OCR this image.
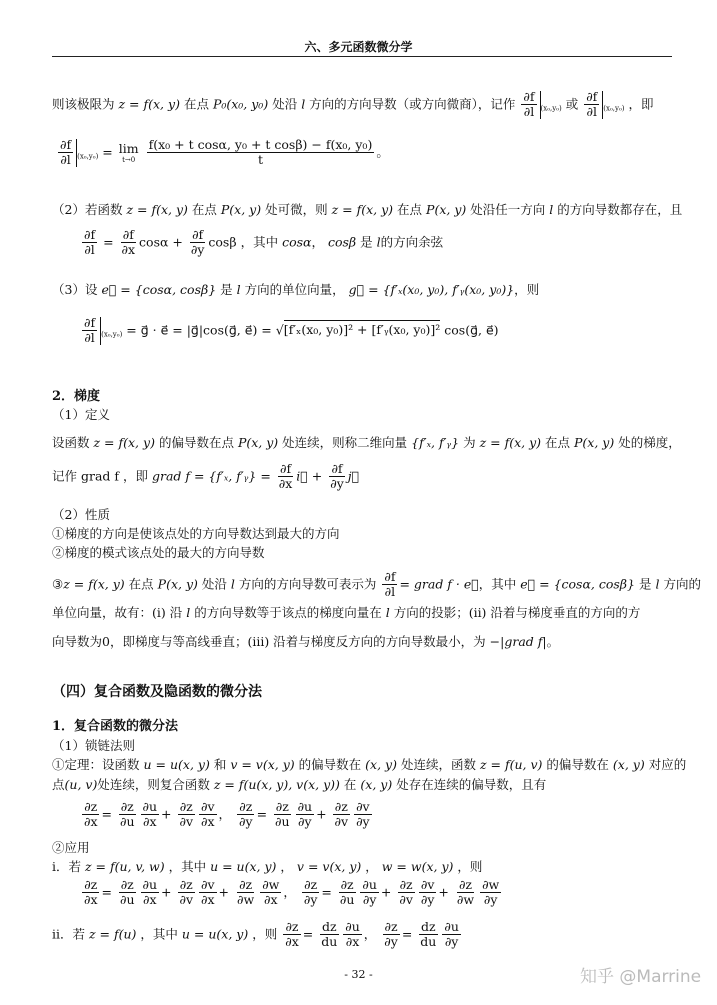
六、多元函数微分学
则该极限为 z = f(x, y) 在点 P₀(x₀, y₀) 处沿 l 方向的方向导数（或方向微商），记作 $\frac{\partial f}{\partial l} _{(x_0,y_0)}$ 或 $\frac{\partial f}{\partial l} _{(x_0,y_0)}$ ，即
$\frac{\partial f}{\partial l} _{(x_0,y_0)} = \lim$
t→0
$\frac{\text{f(x₀ + t cosα, y₀ + t cosβ) − f(x₀, y₀)}}{t}$ 。
（2）若函数 z = f(x, y) 在点 P(x, y) 处可微，则 z = f(x, y) 在点 P(x, y) 处沿任一方向 l 的方向导数都存在，且
$\frac{\partial f}{\partial l} = \frac{\partial f}{\partial x}$ $\cos\alpha + \frac{\partial f}{\partial y}$ cosβ ，其中 cosα， cosβ 是 l的方向余弦
（3）设 e⃗ = {cosα, cosβ} 是 l 方向的单位向量， g⃗ = {f′ₓ(x₀, y₀), f′ᵧ(x₀, y₀)}，则
$\frac{\partial f}{\partial l} _{(x_0,y_0)}$ = g⃗ · e⃗ = |g⃗|cos(g⃗, e⃗) = √[f′ₓ(x₀, y₀)]² + [f′ᵧ(x₀, y₀)]² cos(g⃗, e⃗)
2．梯度
（1）定义
设函数 z = f(x, y) 的偏导数在点 P(x, y) 处连续，则称二维向量 {f′ₓ, f′ᵧ} 为 z = f(x, y) 在点 P(x, y) 处的梯度，
记作 grad f ，即 grad f = {f′ₓ, f′ᵧ} = $\frac{\partial f}{\partial x}$ i⃗ + $\frac{\partial f}{\partial y}$ j⃗
（2）性质
①梯度的方向是使该点处的方向导数达到最大的方向
②梯度的模式该点处的最大的方向导数
③z = f(x, y) 在点 P(x, y) 处沿 l 方向的方向导数可表示为 $\frac{\partial f}{\partial l}$ = grad f · e⃗，其中 e⃗ = {cosα, cosβ} 是 l 方向的
单位向量，故有：(ⅰ) 沿 l 的方向导数等于该点的梯度向量在 l 方向的投影；(ⅱ) 沿着与梯度垂直的方向的方
向导数为0，即梯度与等高线垂直；(ⅲ) 沿着与梯度反方向的方向导数最小，为 −|grad f|。
（四）复合函数及隐函数的微分法
1．复合函数的微分法
（1）锁链法则
①定理：设函数 u = u(x, y) 和 v = v(x, y) 的偏导数在 (x, y) 处连续，函数 z = f(u, v) 的偏导数在 (x, y) 对应的
点(u, v)处连续，则复合函数 z = f(u(x, y), v(x, y)) 在 (x, y) 处存在连续的偏导数，且有
$\frac{\partial z}{\partial x} = \frac{\partial z}{\partial u} \frac{\partial u}{\partial x} + \frac{\partial z}{\partial v} \frac{\partial v}{\partial x}$ ， $\frac{\partial z}{\partial y} = \frac{\partial z}{\partial u} \frac{\partial u}{\partial y} + \frac{\partial z}{\partial v} \frac{\partial v}{\partial y}$
②应用
i．若 z = f(u, v, w) ，其中 u = u(x, y) ， v = v(x, y) ， w = w(x, y) ，则
$\frac{\partial z}{\partial x} = \frac{\partial z}{\partial u} \frac{\partial u}{\partial x} + \frac{\partial z}{\partial v} \frac{\partial v}{\partial x} + \frac{\partial z}{\partial w} \frac{\partial w}{\partial x}$ ， $\frac{\partial z}{\partial y} = \frac{\partial z}{\partial u} \frac{\partial u}{\partial y} + \frac{\partial z}{\partial v} \frac{\partial v}{\partial y} + \frac{\partial z}{\partial w} \frac{\partial w}{\partial y}$
ii．若 z = f(u) ，其中 u = u(x, y) ，则 $\frac{\partial z}{\partial x} = \frac{dz}{du} \frac{\partial u}{\partial x}$ ， $\frac{\partial z}{\partial y} = \frac{dz}{du} \frac{\partial u}{\partial y}$
- 32 -	知乎 @Marrine
